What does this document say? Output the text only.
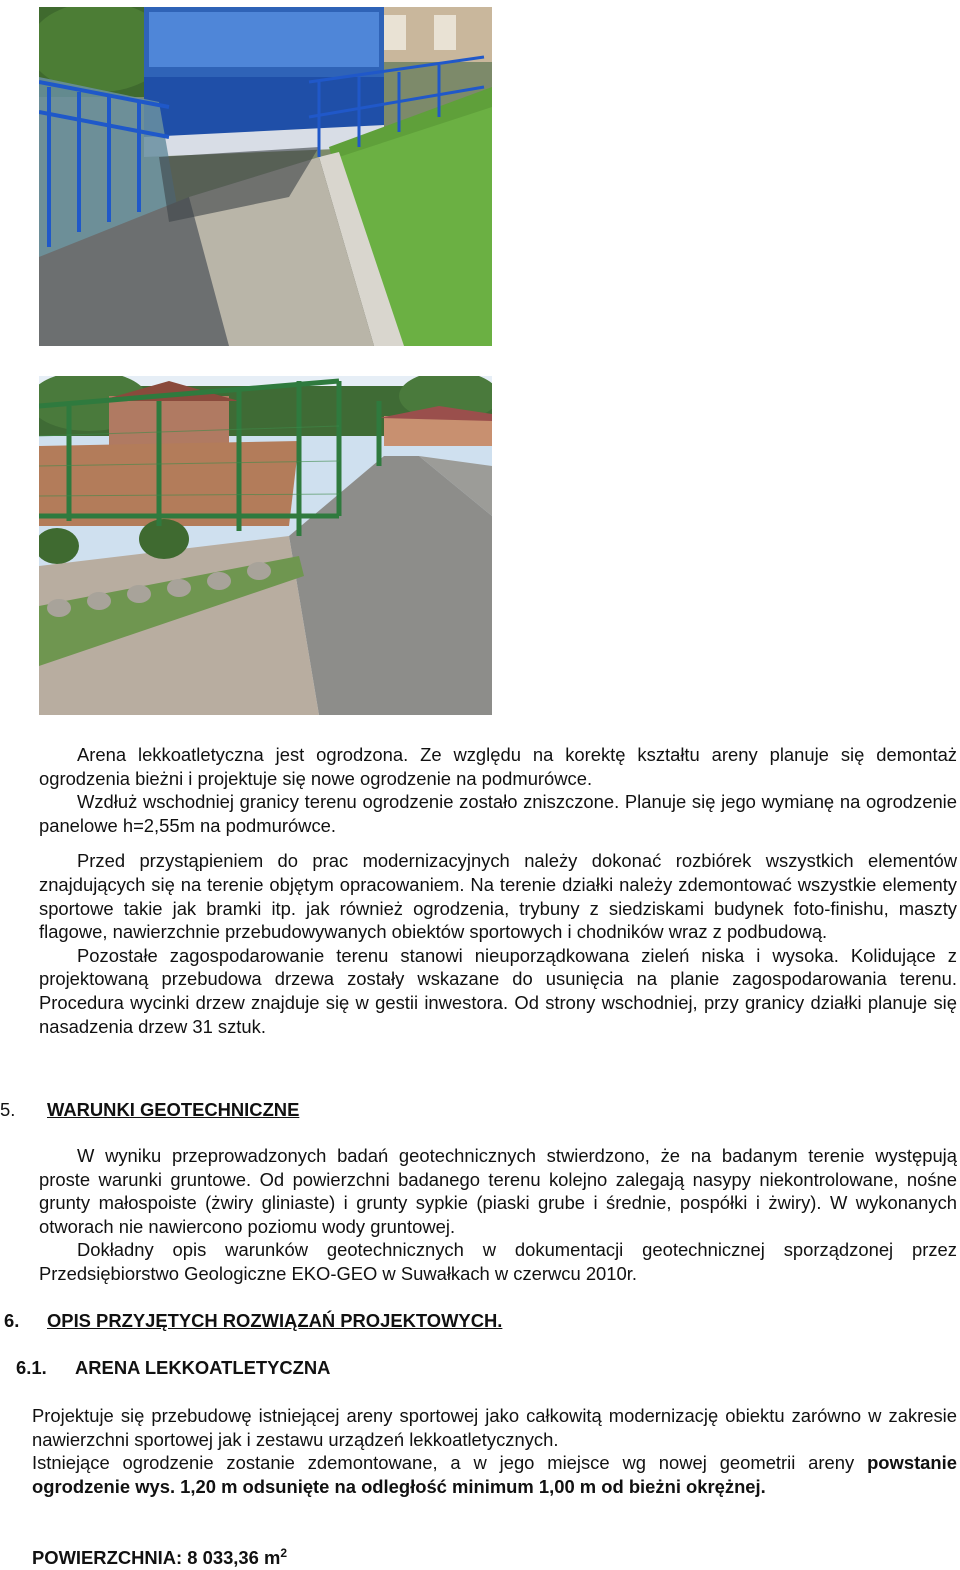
Arena lekkoatletyczna jest ogrodzona. Ze względu na korektę kształtu areny planuje się demontaż ogrodzenia bieżni i projektuje się nowe ogrodzenie na podmurówce.

Wzdłuż wschodniej granicy terenu ogrodzenie zostało zniszczone. Planuje się jego wymianę na ogrodzenie panelowe h=2,55m na podmurówce.

Przed przystąpieniem do prac modernizacyjnych należy dokonać rozbiórek wszystkich elementów znajdujących się na terenie objętym opracowaniem. Na terenie działki należy zdemontować wszystkie elementy sportowe takie jak bramki itp. jak również ogrodzenia, trybuny z siedziskami budynek foto-finishu, maszty flagowe, nawierzchnie przebudowywanych obiektów sportowych i chodników wraz z podbudową.

Pozostałe zagospodarowanie terenu stanowi nieuporządkowana zieleń niska i wysoka. Kolidujące z projektowaną przebudowa drzewa zostały wskazane do usunięcia na planie zagospodarowania terenu. Procedura wycinki drzew znajduje się w gestii inwestora. Od strony wschodniej, przy granicy działki planuje się nasadzenia drzew 31 sztuk.

5. WARUNKI GEOTECHNICZNE

W wyniku przeprowadzonych badań geotechnicznych stwierdzono, że na badanym terenie występują proste warunki gruntowe. Od powierzchni badanego terenu kolejno zalegają nasypy niekontrolowane, nośne grunty małospoiste (żwiry gliniaste) i grunty sypkie (piaski grube i średnie, pospółki i żwiry). W wykonanych otworach nie nawiercono poziomu wody gruntowej.

Dokładny opis warunków geotechnicznych w dokumentacji geotechnicznej sporządzonej przez Przedsiębiorstwo Geologiczne EKO-GEO w Suwałkach w czerwcu 2010r.

6. OPIS PRZYJĘTYCH ROZWIĄZAŃ PROJEKTOWYCH.
6.1. ARENA LEKKOATLETYCZNA

Projektuje się przebudowę istniejącej areny sportowej jako całkowitą modernizację obiektu zarówno w zakresie nawierzchni sportowej jak i zestawu urządzeń lekkoatletycznych.

Istniejące ogrodzenie zostanie zdemontowane, a w jego miejsce wg nowej geometrii areny powstanie ogrodzenie wys. 1,20 m odsunięte na odległość minimum 1,00 m od bieżni okrężnej.

POWIERZCHNIA: 8 033,36 $m^2$
